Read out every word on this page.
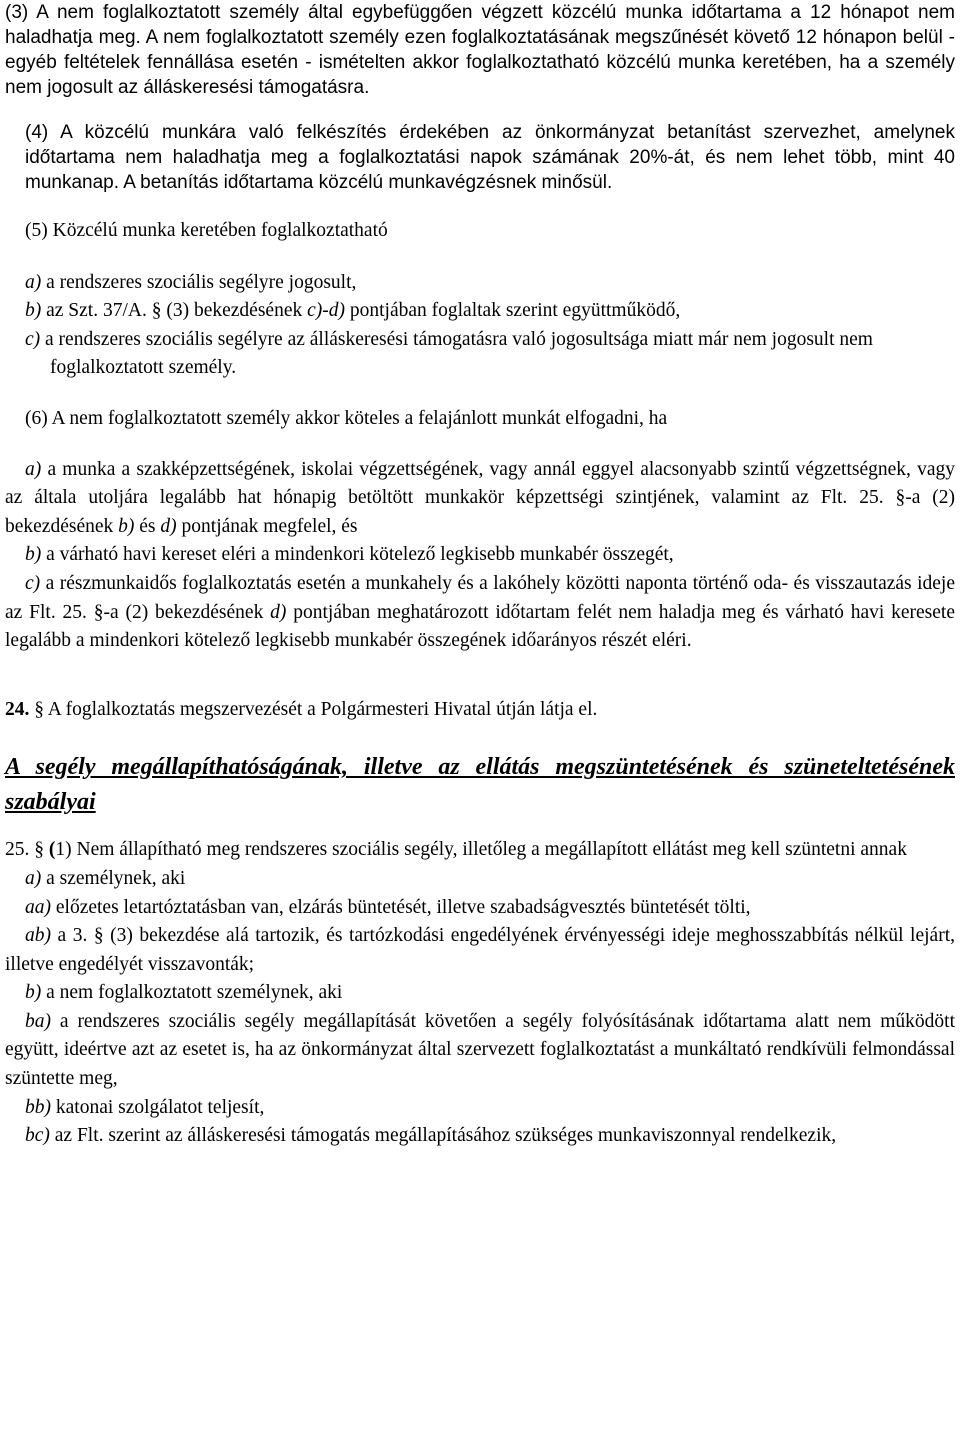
(3) A nem foglalkoztatott személy által egybefüggően végzett közcélú munka időtartama a 12 hónapot nem haladhatja meg. A nem foglalkoztatott személy ezen foglalkoztatásának megszűnését követő 12 hónapon belül - egyéb feltételek fennállása esetén - ismételten akkor foglalkoztatható közcélú munka keretében, ha a személy nem jogosult az álláskeresési támogatásra.

(4) A közcélú munkára való felkészítés érdekében az önkormányzat betanítást szervezhet, amelynek időtartama nem haladhatja meg a foglalkoztatási napok számának 20%-át, és nem lehet több, mint 40 munkanap. A betanítás időtartama közcélú munkavégzésnek minősül.

(5) Közcélú munka keretében foglalkoztatható

a) a rendszeres szociális segélyre jogosult,

b) az Szt. 37/A. § (3) bekezdésének c)-d) pontjában foglaltak szerint együttműködő,

c) a rendszeres szociális segélyre az álláskeresési támogatásra való jogosultsága miatt már nem jogosult nem foglalkoztatott személy.

(6) A nem foglalkoztatott személy akkor köteles a felajánlott munkát elfogadni, ha

a) a munka a szakképzettségének, iskolai végzettségének, vagy annál eggyel alacsonyabb szintű végzettségnek, vagy az általa utoljára legalább hat hónapig betöltött munkakör képzettségi szintjének, valamint az Flt. 25. §-a (2) bekezdésének b) és d) pontjának megfelel, és

b) a várható havi kereset eléri a mindenkori kötelező legkisebb munkabér összegét,

c) a részmunkaidős foglalkoztatás esetén a munkahely és a lakóhely közötti naponta történő oda- és visszautazás ideje az Flt. 25. §-a (2) bekezdésének d) pontjában meghatározott időtartam felét nem haladja meg és várható havi keresete legalább a mindenkori kötelező legkisebb munkabér összegének időarányos részét eléri.

24. § A foglalkoztatás megszervezését a Polgármesteri Hivatal útján látja el.

A segély megállapíthatóságának, illetve az ellátás megszüntetésének és szüneteltetésének szabályai

25. § (1) Nem állapítható meg rendszeres szociális segély, illetőleg a megállapított ellátást meg kell szüntetni annak

a) a személynek, aki

aa) előzetes letartóztatásban van, elzárás büntetését, illetve szabadságvesztés büntetését tölti,

ab) a 3. § (3) bekezdése alá tartozik, és tartózkodási engedélyének érvényességi ideje meghosszabbítás nélkül lejárt, illetve engedélyét visszavonták;

b) a nem foglalkoztatott személynek, aki

ba) a rendszeres szociális segély megállapítását követően a segély folyósításának időtartama alatt nem működött együtt, ideértve azt az esetet is, ha az önkormányzat által szervezett foglalkoztatást a munkáltató rendkívüli felmondással szüntette meg,

bb) katonai szolgálatot teljesít,

bc) az Flt. szerint az álláskeresési támogatás megállapításához szükséges munkaviszonnyal rendelkezik,
